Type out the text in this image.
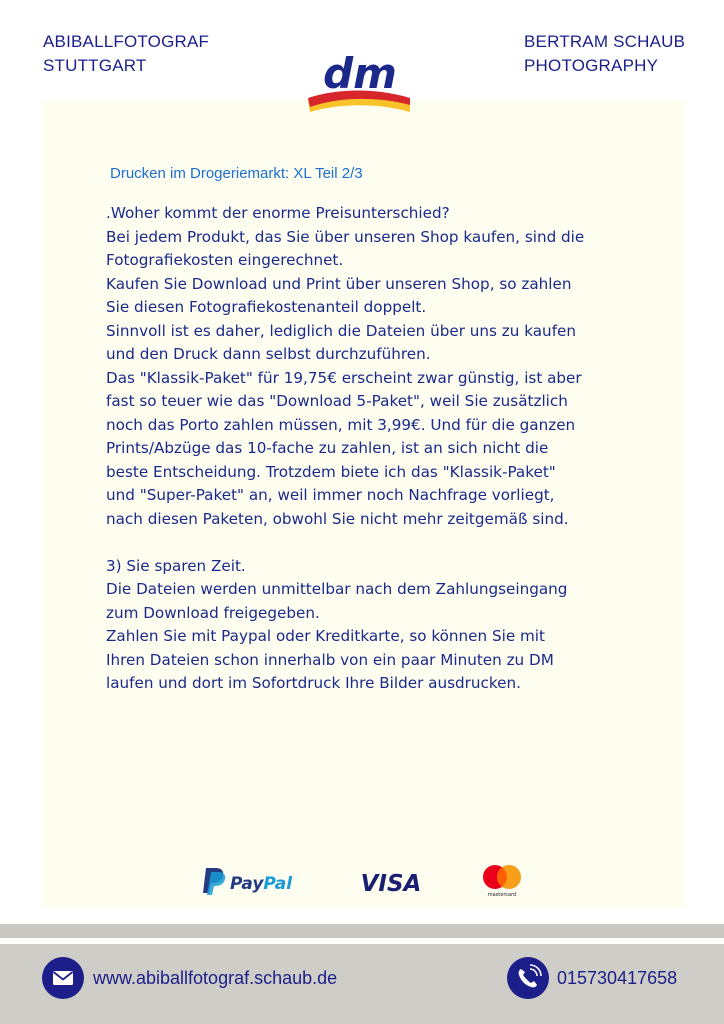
ABIBALLFOTOGRAF
STUTTGART
BERTRAM SCHAUB
PHOTOGRAPHY
dm
Drucken im Drogeriemarkt: XL Teil 2/3

.Woher kommt der enorme Preisunterschied?

Bei jedem Produkt, das Sie über unseren Shop kaufen, sind die

Fotografiekosten eingerechnet.

Kaufen Sie Download und Print über unseren Shop, so zahlen

Sie diesen Fotografiekostenanteil doppelt.

Sinnvoll ist es daher, lediglich die Dateien über uns zu kaufen

und den Druck dann selbst durchzuführen.

Das "Klassik-Paket" für 19,75€ erscheint zwar günstig, ist aber

fast so teuer wie das "Download 5-Paket", weil Sie zusätzlich

noch das Porto zahlen müssen, mit 3,99€. Und für die ganzen

Prints/Abzüge das 10-fache zu zahlen, ist an sich nicht die

beste Entscheidung. Trotzdem biete ich das "Klassik-Paket"

und "Super-Paket" an, weil immer noch Nachfrage vorliegt,

nach diesen Paketen, obwohl Sie nicht mehr zeitgemäß sind.

3) Sie sparen Zeit.

Die Dateien werden unmittelbar nach dem Zahlungseingang

zum Download freigegeben.

Zahlen Sie mit Paypal oder Kreditkarte, so können Sie mit

Ihren Dateien schon innerhalb von ein paar Minuten zu DM

laufen und dort im Sofortdruck Ihre Bilder ausdrucken.

PayPal	VISA	mastercard
www.abiballfotograf.schaub.de	015730417658
